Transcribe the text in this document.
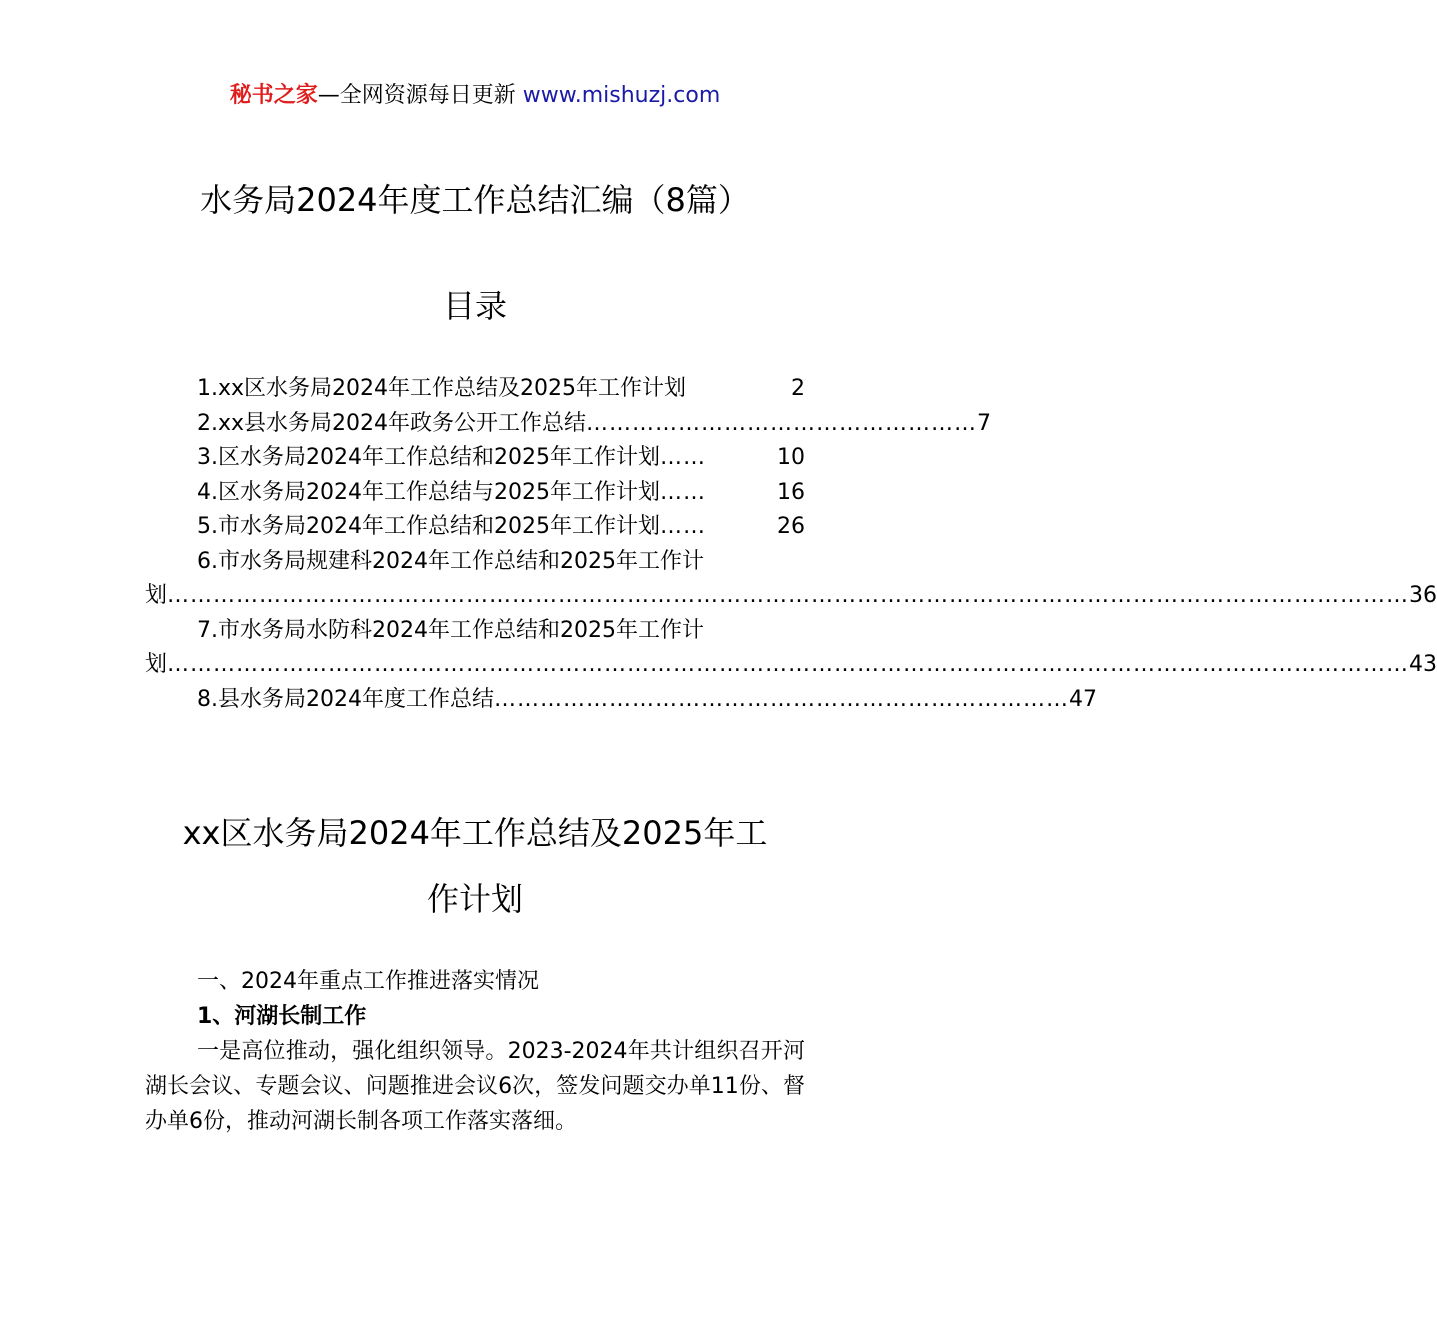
秘书之家—全网资源每日更新 www.mishuzj.com
水务局2024年度工作总结汇编（8篇）
目录
1.xx区水务局2024年工作总结及2025年工作计划	2
2.xx县水务局2024年政务公开工作总结 …………………………………………… 7
3.区水务局2024年工作总结和2025年工作计划 ……	10
4.区水务局2024年工作总结与2025年工作计划 ……	16
5.市水务局2024年工作总结和2025年工作计划 ……	26
6.市水务局规建科2024年工作总结和2025年工作计
划 ……………………………………………………………………………………………………………………………………………… 36
7.市水务局水防科2024年工作总结和2025年工作计
划 ……………………………………………………………………………………………………………………………………………… 43
8.县水务局2024年度工作总结 ………………………………………………………………… 47
xx区水务局2024年工作总结及2025年工
作计划
一、2024年重点工作推进落实情况
1、河湖长制工作
一是高位推动，强化组织领导。2023-2024年共计组织召开河湖长会议、专题会议、问题推进会议6次，签发问题交办单11份、督办单6份，推动河湖长制各项工作落实落细。
